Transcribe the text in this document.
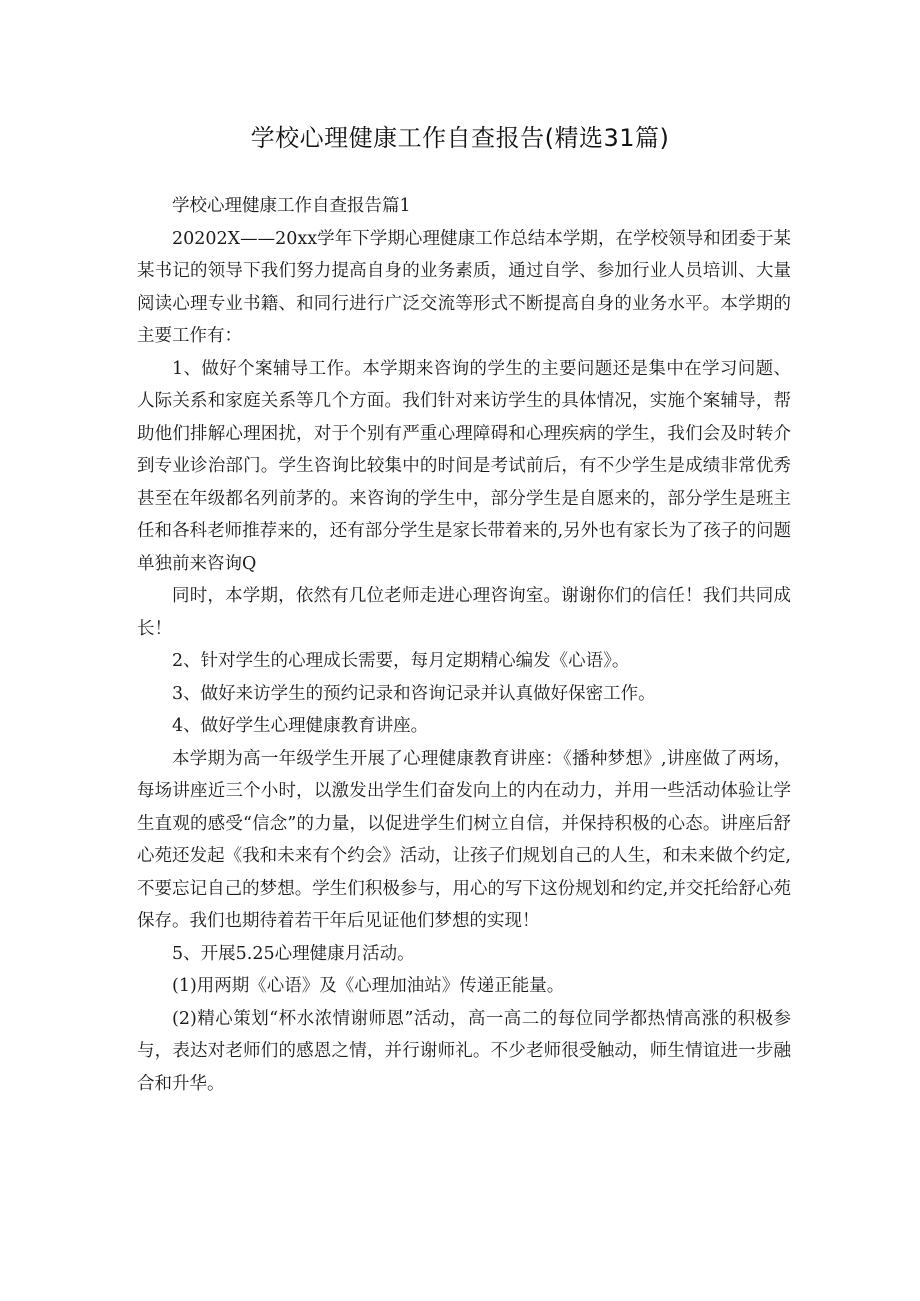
学校心理健康工作自查报告(精选31篇)

学校心理健康工作自查报告篇1

20202X——20xx学年下学期心理健康工作总结本学期，在学校领导和团委于某某书记的领导下我们努力提高自身的业务素质，通过自学、参加行业人员培训、大量阅读心理专业书籍、和同行进行广泛交流等形式不断提高自身的业务水平。本学期的主要工作有：

1、做好个案辅导工作。本学期来咨询的学生的主要问题还是集中在学习问题、人际关系和家庭关系等几个方面。我们针对来访学生的具体情况，实施个案辅导，帮助他们排解心理困扰，对于个别有严重心理障碍和心理疾病的学生，我们会及时转介到专业诊治部门。学生咨询比较集中的时间是考试前后，有不少学生是成绩非常优秀甚至在年级都名列前茅的。来咨询的学生中，部分学生是自愿来的，部分学生是班主任和各科老师推荐来的，还有部分学生是家长带着来的,另外也有家长为了孩子的问题单独前来咨询Q

同时，本学期，依然有几位老师走进心理咨询室。谢谢你们的信任！我们共同成长！

2、针对学生的心理成长需要，每月定期精心编发《心语》。

3、做好来访学生的预约记录和咨询记录并认真做好保密工作。

4、做好学生心理健康教育讲座。

本学期为高一年级学生开展了心理健康教育讲座：《播种梦想》,讲座做了两场，每场讲座近三个小时，以激发出学生们奋发向上的内在动力，并用一些活动体验让学生直观的感受“信念”的力量，以促进学生们树立自信，并保持积极的心态。讲座后舒心苑还发起《我和未来有个约会》活动，让孩子们规划自己的人生，和未来做个约定,不要忘记自己的梦想。学生们积极参与，用心的写下这份规划和约定,并交托给舒心苑保存。我们也期待着若干年后见证他们梦想的实现！

5、开展5.25心理健康月活动。

(1)用两期《心语》及《心理加油站》传递正能量。

(2)精心策划“杯水浓情谢师恩”活动，高一高二的每位同学都热情高涨的积极参与，表达对老师们的感恩之情，并行谢师礼。不少老师很受触动，师生情谊进一步融合和升华。
